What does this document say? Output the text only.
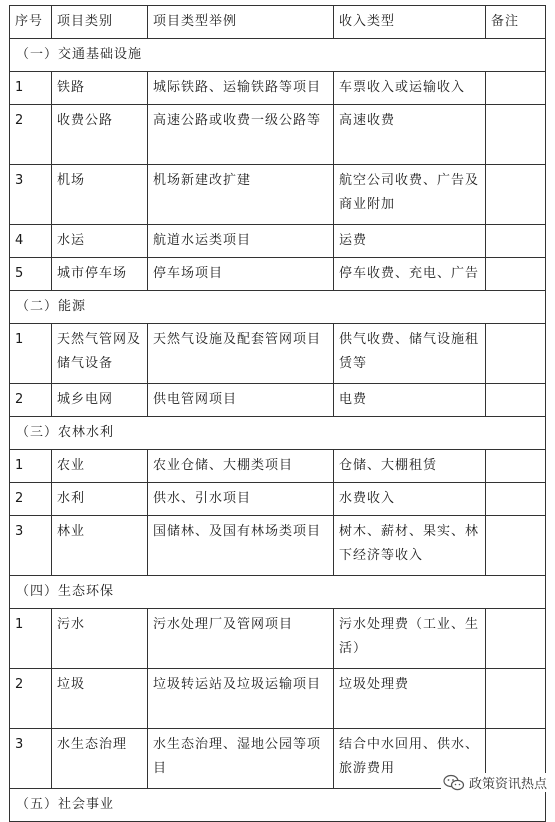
序号	项目类别	项目类型举例	收入类型	备注
（一）交通基础设施				
1	铁路	城际铁路、运输铁路等项目	车票收入或运输收入	
2	收费公路	高速公路或收费一级公路等	高速收费	
3	机场	机场新建改扩建	航空公司收费、广告及商业附加	
4	水运	航道水运类项目	运费	
5	城市停车场	停车场项目	停车收费、充电、广告	
（二）能源				
1	天然气管网及储气设备	天然气设施及配套管网项目	供气收费、储气设施租赁等	
2	城乡电网	供电管网项目	电费	
（三）农林水利				
1	农业	农业仓储、大棚类项目	仓储、大棚租赁	
2	水利	供水、引水项目	水费收入	
3	林业	国储林、及国有林场类项目	树木、薪材、果实、林下经济等收入	
（四）生态环保				
1	污水	污水处理厂及管网项目	污水处理费（工业、生活）	
2	垃圾	垃圾转运站及垃圾运输项目	垃圾处理费	
3	水生态治理	水生态治理、湿地公园等项目	结合中水回用、供水、旅游费用	
（五）社会事业				
政策资讯热点
